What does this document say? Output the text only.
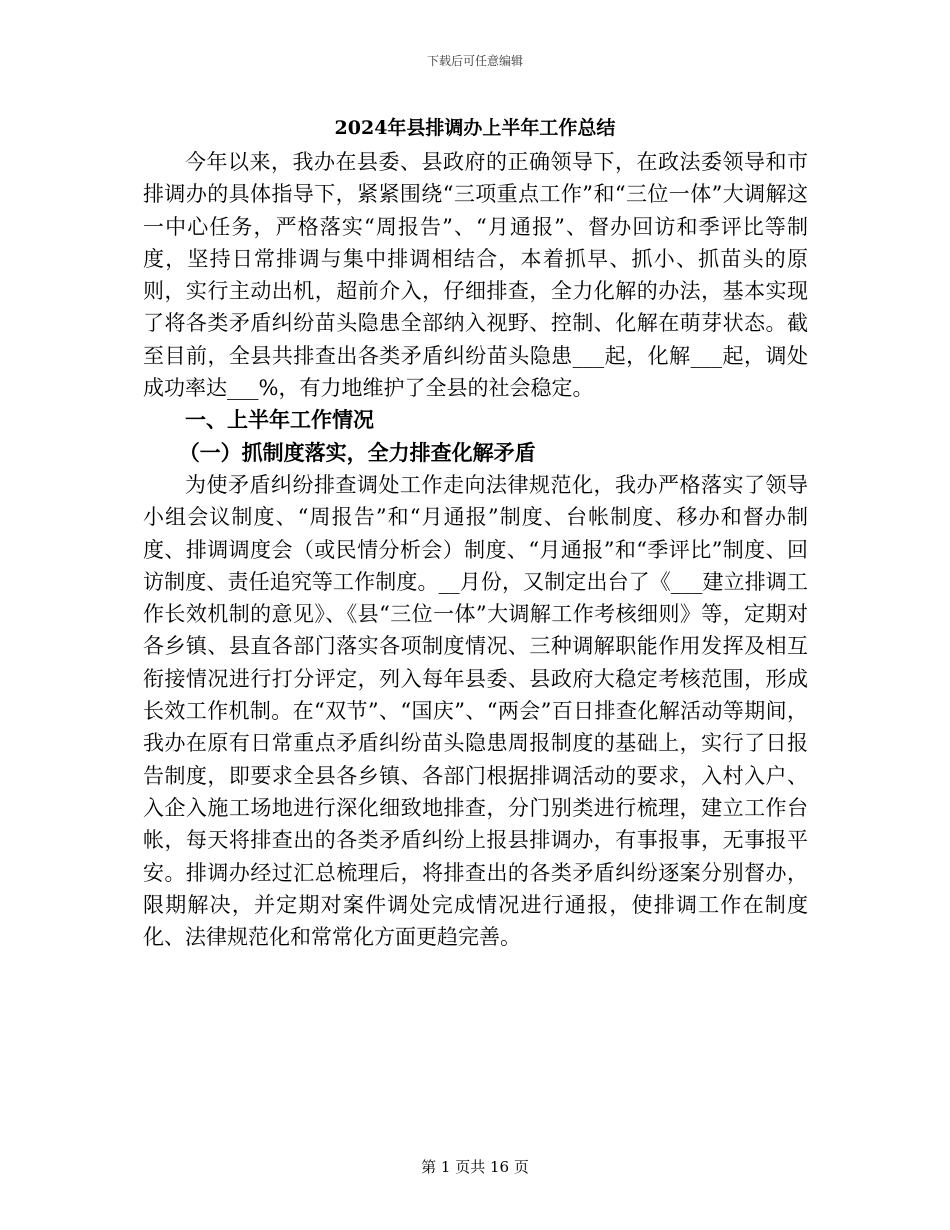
下载后可任意编辑
2024年县排调办上半年工作总结

今年以来，我办在县委、县政府的正确领导下，在政法委领导和市排调办的具体指导下，紧紧围绕“三项重点工作”和“三位一体”大调解这一中心任务，严格落实“周报告”、“月通报”、督办回访和季评比等制度，坚持日常排调与集中排调相结合，本着抓早、抓小、抓苗头的原则，实行主动出机，超前介入，仔细排查，全力化解的办法，基本实现了将各类矛盾纠纷苗头隐患全部纳入视野、控制、化解在萌芽状态。截至目前，全县共排查出各类矛盾纠纷苗头隐患___起，化解___起，调处成功率达___%，有力地维护了全县的社会稳定。

一、上半年工作情况

（一）抓制度落实，全力排查化解矛盾

为使矛盾纠纷排查调处工作走向法律规范化，我办严格落实了领导小组会议制度、“周报告”和“月通报”制度、台帐制度、移办和督办制度、排调调度会（或民情分析会）制度、“月通报”和“季评比”制度、回访制度、责任追究等工作制度。__月份，又制定出台了《___建立排调工作长效机制的意见》、《县“三位一体”大调解工作考核细则》等，定期对各乡镇、县直各部门落实各项制度情况、三种调解职能作用发挥及相互衔接情况进行打分评定，列入每年县委、县政府大稳定考核范围，形成长效工作机制。在“双节”、“国庆”、“两会”百日排查化解活动等期间，我办在原有日常重点矛盾纠纷苗头隐患周报制度的基础上，实行了日报告制度，即要求全县各乡镇、各部门根据排调活动的要求，入村入户、入企入施工场地进行深化细致地排查，分门别类进行梳理，建立工作台帐，每天将排查出的各类矛盾纠纷上报县排调办，有事报事，无事报平安。排调办经过汇总梳理后，将排查出的各类矛盾纠纷逐案分别督办，限期解决，并定期对案件调处完成情况进行通报，使排调工作在制度化、法律规范化和常常化方面更趋完善。

第 1 页共 16 页
